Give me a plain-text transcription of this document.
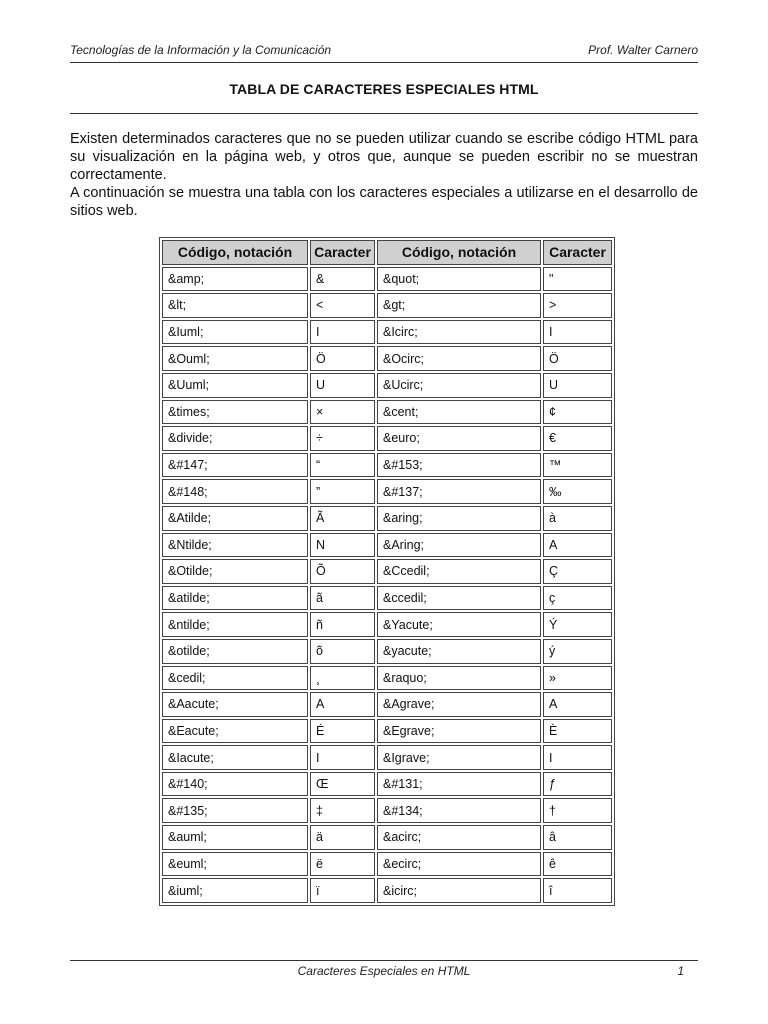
Tecnologías de la Información y la Comunicación	Prof. Walter Carnero
TABLA DE CARACTERES ESPECIALES HTML

Existen determinados caracteres que no se pueden utilizar cuando se escribe código HTML para su visualización en la página web, y otros que, aunque se pueden escribir no se muestran correctamente.

A continuación se muestra una tabla con los caracteres especiales a utilizarse en el desarrollo de sitios web.

Código, notación	Caracter	Código, notación	Caracter
&amp;	&	&quot;	"
&lt;	<	&gt;	>
&Iuml;	I	&Icirc;	I
&Ouml;	Ö	&Ocirc;	Ö
&Uuml;	U	&Ucirc;	U
&times;	×	&cent;	¢
&divide;	÷	&euro;	€
&#147;	“	&#153;	™
&#148;	”	&#137;	‰
&Atilde;	Ã	&aring;	à
&Ntilde;	N	&Aring;	A
&Otilde;	Õ	&Ccedil;	Ç
&atilde;	ã	&ccedil;	ç
&ntilde;	ñ	&Yacute;	Ý
&otilde;	õ	&yacute;	ý
&cedil;	¸	&raquo;	»
&Aacute;	A	&Agrave;	A
&Eacute;	É	&Egrave;	È
&Iacute;	I	&Igrave;	I
&#140;	Œ	&#131;	ƒ
&#135;	‡	&#134;	†
&auml;	ä	&acirc;	â
&euml;	ë	&ecirc;	ê
&iuml;	ï	&icirc;	î
Caracteres Especiales en HTML	1
